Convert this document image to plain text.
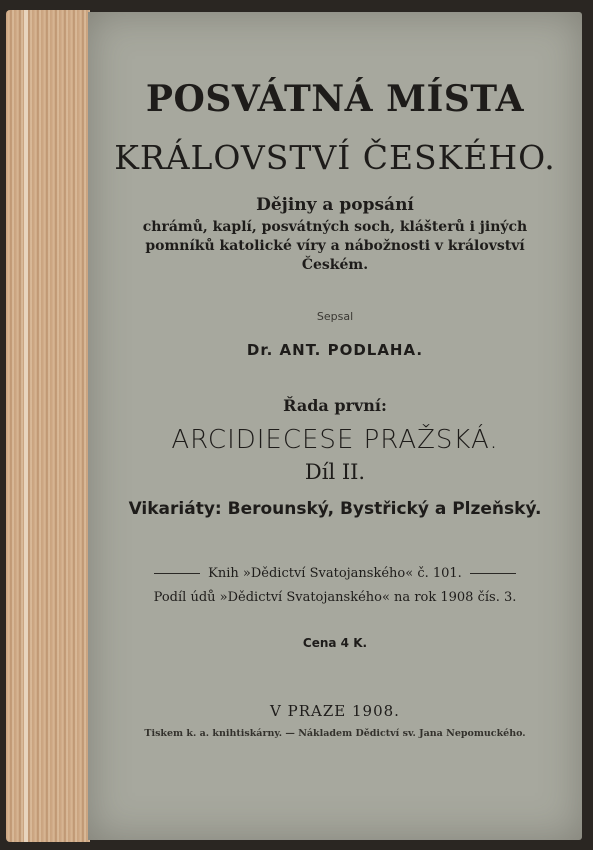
POSVÁTNÁ MÍSTA
KRÁLOVSTVÍ ČESKÉHO.
Dějiny a popsání
chrámů, kaplí, posvátných soch, klášterů i jiných
pomníků katolické víry a nábožnosti v království
Českém.
Sepsal
Dr. ANT. PODLAHA.
Řada první:
ARCIDIECESE PRAŽSKÁ.
Díl II.
Vikariáty: Berounský, Bystřický a Plzeňský.
Knih »Dědictví Svatojanského« č. 101.
Podíl údů »Dědictví Svatojanského« na rok 1908 čís. 3.
Cena 4 K.
V PRAZE 1908.
Tiskem k. a. knihtiskárny. — Nákladem Dědictví sv. Jana Nepomuckého.
